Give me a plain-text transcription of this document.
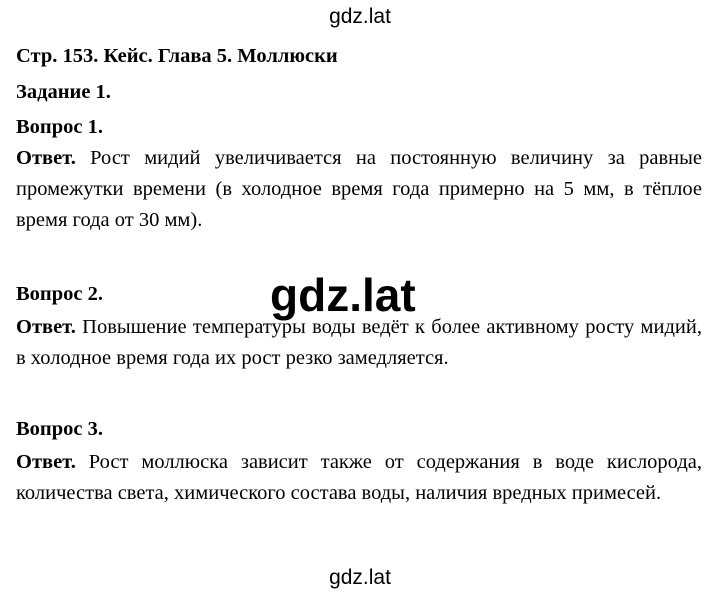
gdz.lat
Стр. 153. Кейс. Глава 5. Моллюски
Задание 1.
Вопрос 1.
Ответ. Рост мидий увеличивается на постоянную величину за равные промежутки времени (в холодное время года примерно на 5 мм, в тёплое время года от 30 мм).
Вопрос 2.
Ответ. Повышение температуры воды ведёт к более активному росту мидий, в холодное время года их рост резко замедляется.
Вопрос 3.
Ответ. Рост моллюска зависит также от содержания в воде кислорода, количества света, химического состава воды, наличия вредных примесей.
gdz.lat
gdz.lat
